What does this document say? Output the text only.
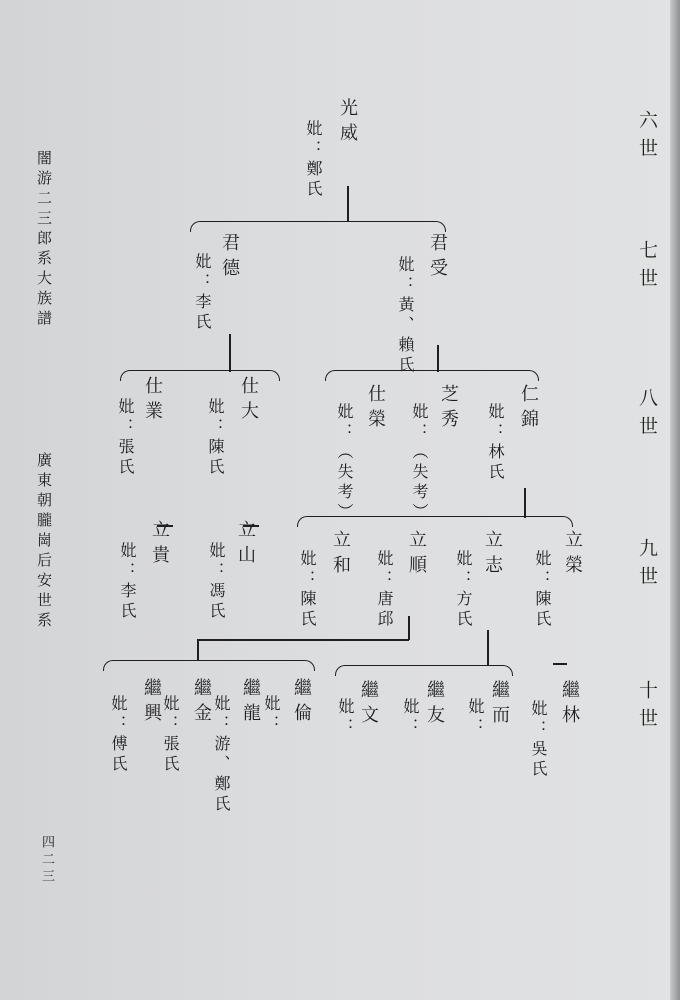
闇游二三郎系大族譜
廣東朝朧崗后安世系
四二三
六世
七世
八世
九世
十世
光威
妣：鄭氏
君德
妣：李氏	君受
妣：黃、賴氏
仕業
妣：張氏	仕大
妣：陳氏	仕榮
妣：（失考）	芝秀
妣：（失考）	仁錦
妣：林氏
立貴
妣：李氏	立山
妣：馮氏	立和
妣：陳氏	立順
妣：唐邱	立志
妣：方氏	立榮
妣：陳氏
繼興
妣：傅氏	繼金
妣：張氏	繼龍
妣：游、鄭氏	繼倫
妣：	繼文
妣：	繼友
妣：	繼而
妣：	繼林
妣：吳氏
